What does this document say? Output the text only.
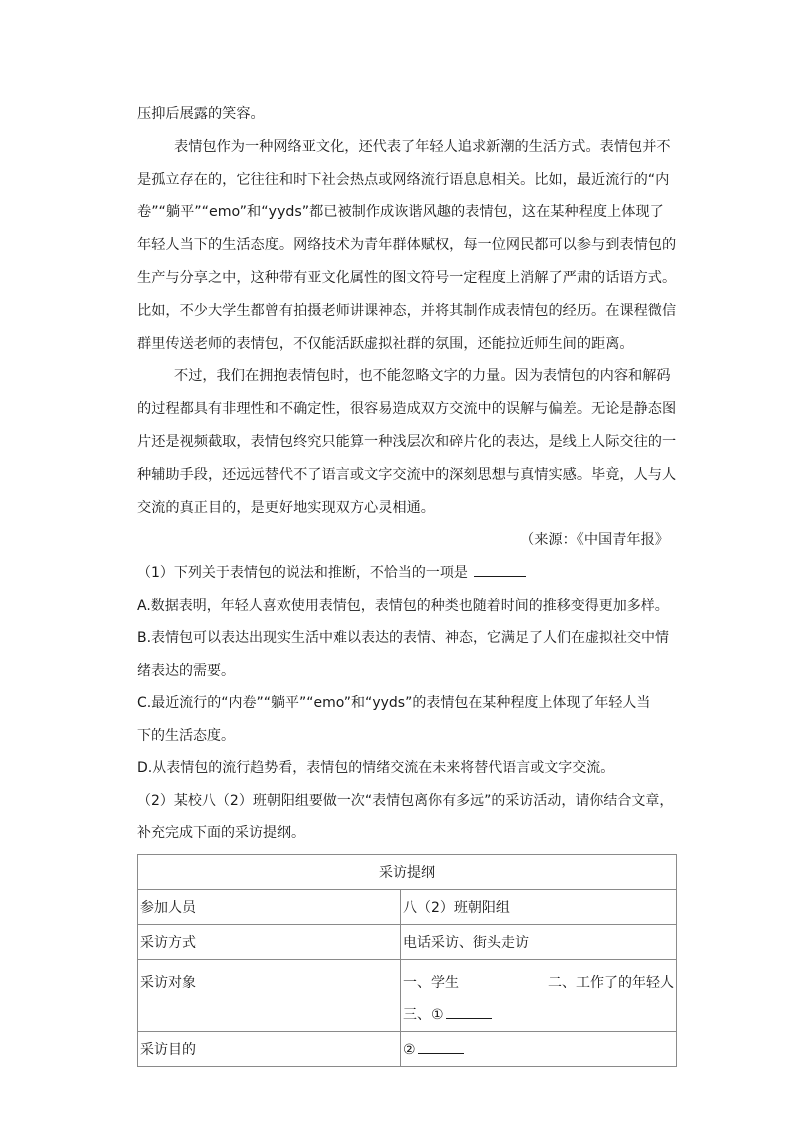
压抑后展露的笑容。
表情包作为一种网络亚文化，还代表了年轻人追求新潮的生活方式。表情包并不
是孤立存在的，它往往和时下社会热点或网络流行语息息相关。比如，最近流行的“内
卷”“躺平”“emo”和“yyds”都已被制作成诙谐风趣的表情包，这在某种程度上体现了
年轻人当下的生活态度。网络技术为青年群体赋权，每一位网民都可以参与到表情包的
生产与分享之中，这种带有亚文化属性的图文符号一定程度上消解了严肃的话语方式。
比如，不少大学生都曾有拍摄老师讲课神态，并将其制作成表情包的经历。在课程微信
群里传送老师的表情包，不仅能活跃虚拟社群的氛围，还能拉近师生间的距离。
不过，我们在拥抱表情包时，也不能忽略文字的力量。因为表情包的内容和解码
的过程都具有非理性和不确定性，很容易造成双方交流中的误解与偏差。无论是静态图
片还是视频截取，表情包终究只能算一种浅层次和碎片化的表达，是线上人际交往的一
种辅助手段，还远远替代不了语言或文字交流中的深刻思想与真情实感。毕竟，人与人
交流的真正目的，是更好地实现双方心灵相通。
（来源：《中国青年报》
（1）下列关于表情包的说法和推断，不恰当的一项是
A.数据表明，年轻人喜欢使用表情包，表情包的种类也随着时间的推移变得更加多样。
B.表情包可以表达出现实生活中难以表达的表情、神态，它满足了人们在虚拟社交中情
绪表达的需要。
C.最近流行的“内卷”“躺平”“emo”和“yyds”的表情包在某种程度上体现了年轻人当
下的生活态度。
D.从表情包的流行趋势看，表情包的情绪交流在未来将替代语言或文字交流。
（2）某校八（2）班朝阳组要做一次“表情包离你有多远”的采访活动，请你结合文章，
补充完成下面的采访提纲。
采访提纲	
参加人员	八（2）班朝阳组
采访方式	电话采访、街头走访

采访对象	一、学生 二、工作了的年轻人
三、①

采访目的	②
